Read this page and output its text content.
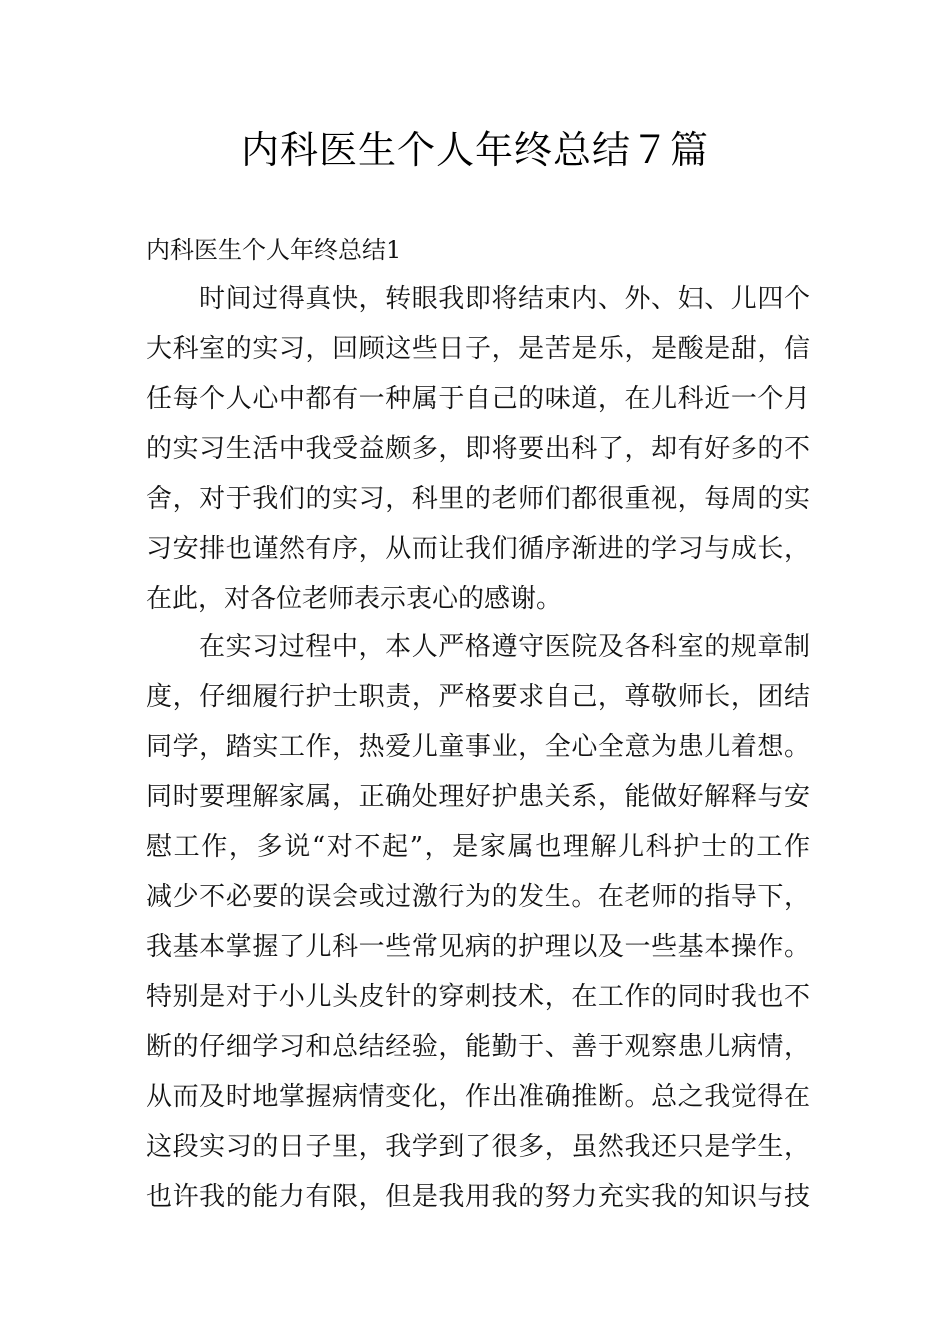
内科医生个人年终总结７篇
内科医生个人年终总结1
时间过得真快，转眼我即将结束内、外、妇、儿四个
大科室的实习，回顾这些日子，是苦是乐，是酸是甜，信
任每个人心中都有一种属于自己的味道，在儿科近一个月
的实习生活中我受益颇多，即将要出科了，却有好多的不
舍，对于我们的实习，科里的老师们都很重视，每周的实
习安排也谨然有序，从而让我们循序渐进的学习与成长，
在此，对各位老师表示衷心的感谢。
在实习过程中，本人严格遵守医院及各科室的规章制
度，仔细履行护士职责，严格要求自己，尊敬师长，团结
同学，踏实工作，热爱儿童事业，全心全意为患儿着想。
同时要理解家属，正确处理好护患关系，能做好解释与安
慰工作，多说“对不起”，是家属也理解儿科护士的工作
减少不必要的误会或过激行为的发生。在老师的指导下，
我基本掌握了儿科一些常见病的护理以及一些基本操作。
特别是对于小儿头皮针的穿刺技术，在工作的同时我也不
断的仔细学习和总结经验，能勤于、善于观察患儿病情，
从而及时地掌握病情变化，作出准确推断。总之我觉得在
这段实习的日子里，我学到了很多，虽然我还只是学生，
也许我的能力有限，但是我用我的努力充实我的知识与技
